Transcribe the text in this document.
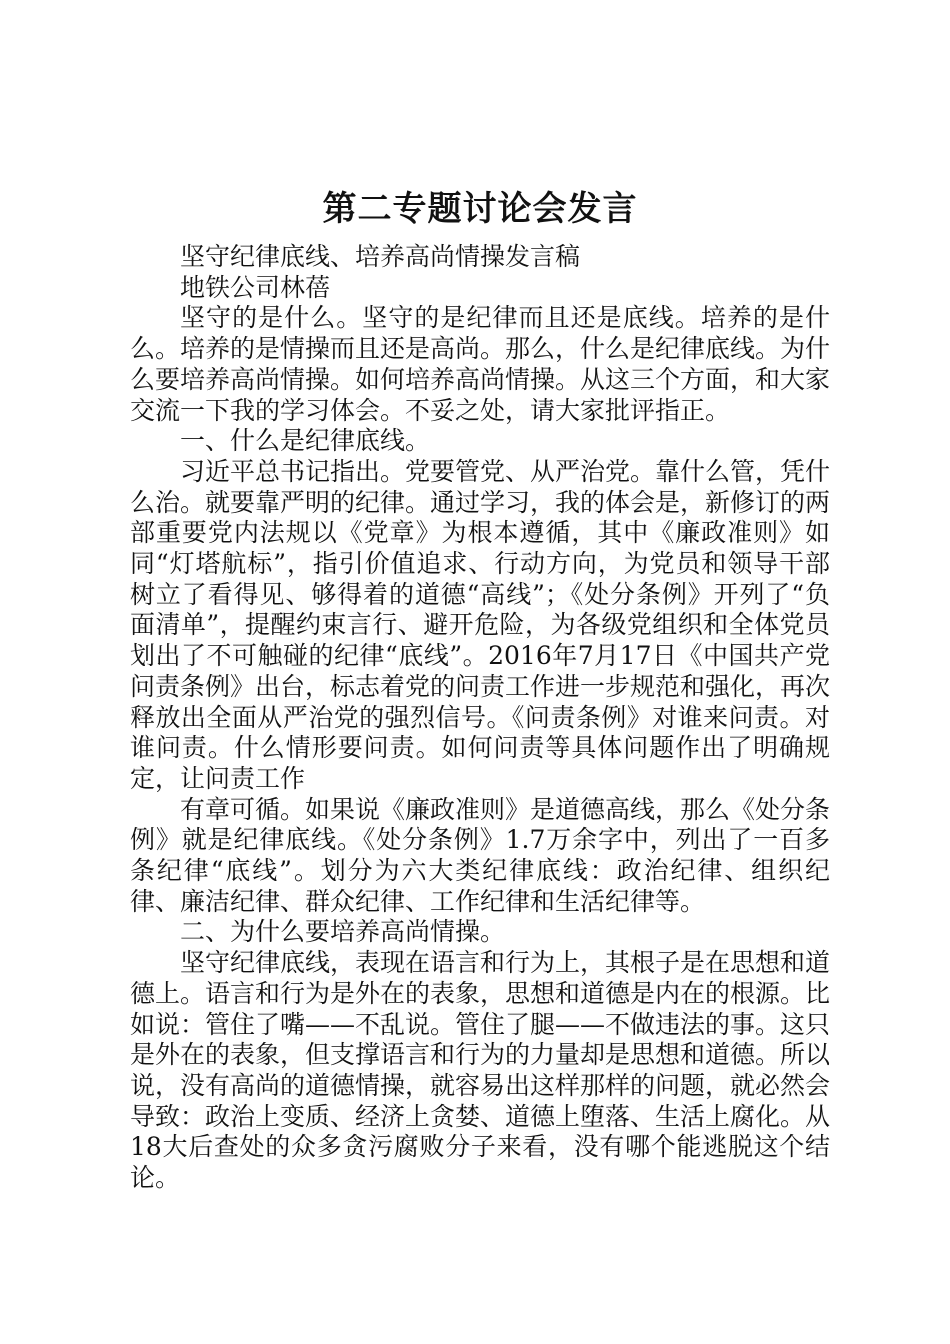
第二专题讨论会发言

坚守纪律底线、培养高尚情操发言稿

地铁公司林蓓

坚守的是什么。坚守的是纪律而且还是底线。培养的是什么。培养的是情操而且还是高尚。那么，什么是纪律底线。为什么要培养高尚情操。如何培养高尚情操。从这三个方面，和大家交流一下我的学习体会。不妥之处，请大家批评指正。

一、什么是纪律底线。

习近平总书记指出。党要管党、从严治党。靠什么管，凭什么治。就要靠严明的纪律。通过学习，我的体会是，新修订的两部重要党内法规以《党章》为根本遵循，其中《廉政准则》如同“灯塔航标”，指引价值追求、行动方向，为党员和领导干部树立了看得见、够得着的道德“高线”；《处分条例》开列了“负面清单”，提醒约束言行、避开危险，为各级党组织和全体党员划出了不可触碰的纪律“底线”。2016年7月17日《中国共产党问责条例》出台，标志着党的问责工作进一步规范和强化，再次释放出全面从严治党的强烈信号。《问责条例》对谁来问责。对谁问责。什么情形要问责。如何问责等具体问题作出了明确规定，让问责工作

有章可循。如果说《廉政准则》是道德高线，那么《处分条例》就是纪律底线。《处分条例》1.7万余字中，列出了一百多条纪律“底线”。划分为六大类纪律底线：政治纪律、组织纪律、廉洁纪律、群众纪律、工作纪律和生活纪律等。

二、为什么要培养高尚情操。

坚守纪律底线，表现在语言和行为上，其根子是在思想和道德上。语言和行为是外在的表象，思想和道德是内在的根源。比如说：管住了嘴——不乱说。管住了腿——不做违法的事。这只是外在的表象，但支撑语言和行为的力量却是思想和道德。所以说，没有高尚的道德情操，就容易出这样那样的问题，就必然会导致：政治上变质、经济上贪婪、道德上堕落、生活上腐化。从18大后查处的众多贪污腐败分子来看，没有哪个能逃脱这个结论。
